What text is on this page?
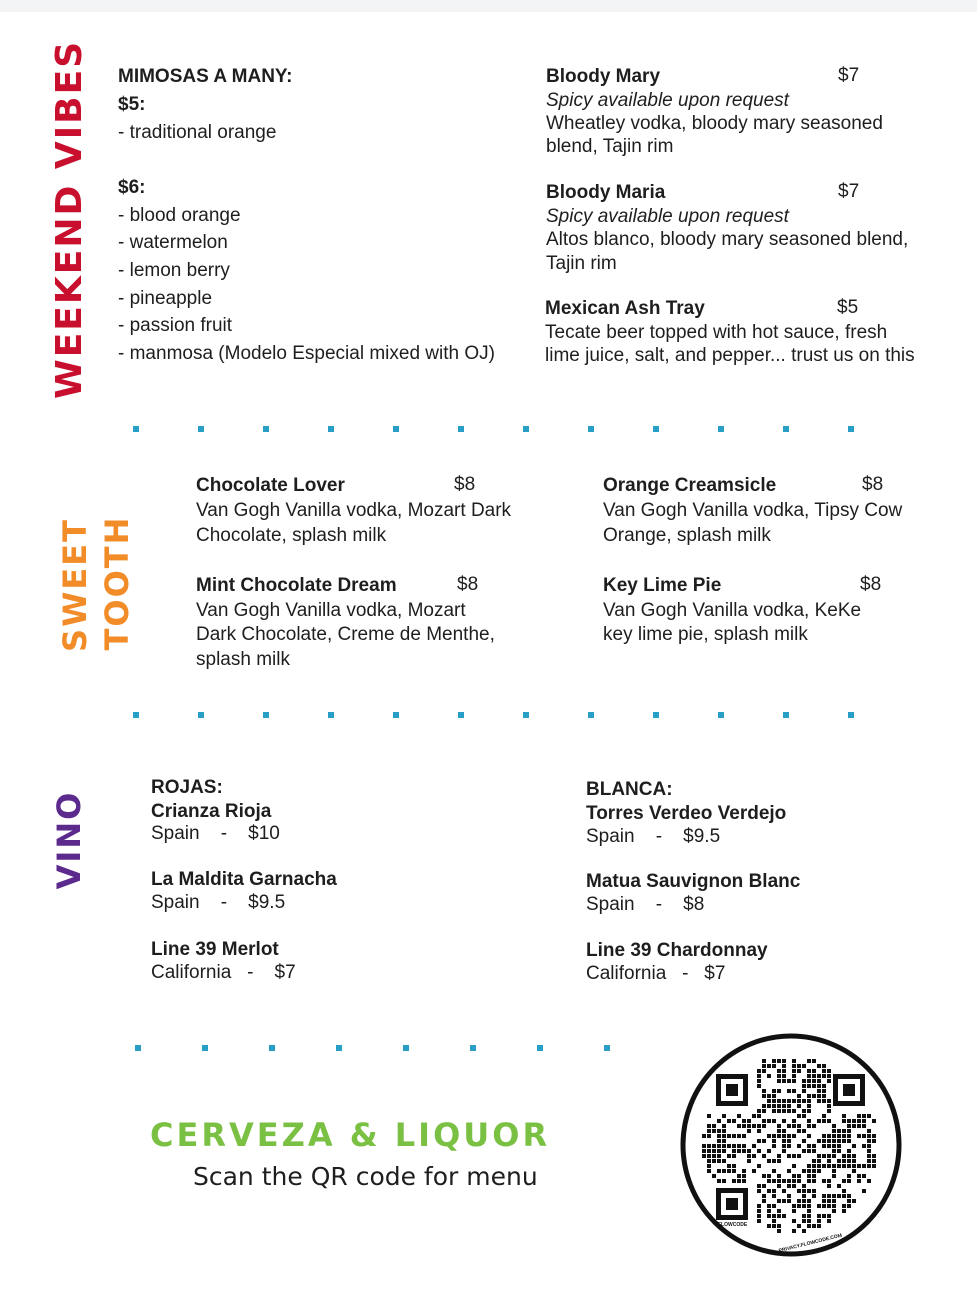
WEEKEND VIBES MIMOSAS A MANY:
$5:
- traditional orange
$6:
- blood orange
- watermelon
- lemon berry
- pineapple
- passion fruit
- manmosa (Modelo Especial mixed with OJ)
Bloody Mary	$7
Spicy available upon request
Wheatley vodka, bloody mary seasoned
blend, Tajin rim
Bloody Maria	$7
Spicy available upon request
Altos blanco, bloody mary seasoned blend,
Tajin rim
Mexican Ash Tray	$5
Tecate beer topped with hot sauce, fresh
lime juice, salt, and pepper... trust us on this
SWEET TOOTH
Chocolate Lover	$8
Van Gogh Vanilla vodka, Mozart Dark
Chocolate, splash milk
Mint Chocolate Dream	$8
Van Gogh Vanilla vodka, Mozart
Dark Chocolate, Creme de Menthe,
splash milk
Orange Creamsicle	$8
Van Gogh Vanilla vodka, Tipsy Cow
Orange, splash milk
Key Lime Pie	$8
Van Gogh Vanilla vodka, KeKe
key lime pie, splash milk
VINO
ROJAS:
Crianza Rioja
Spain    -    $10
La Maldita Garnacha
Spain    -    $9.5
Line 39 Merlot
California   -    $7
BLANCA:
Torres Verdeo Verdejo
Spain    -    $9.5
Matua Sauvignon Blanc
Spain    -    $8
Line 39 Chardonnay
California   -   $7
CERVEZA & LIQUOR
Scan the QR code for menu
FLOWCODE
PRIVACY.FLOWCODE.COM
